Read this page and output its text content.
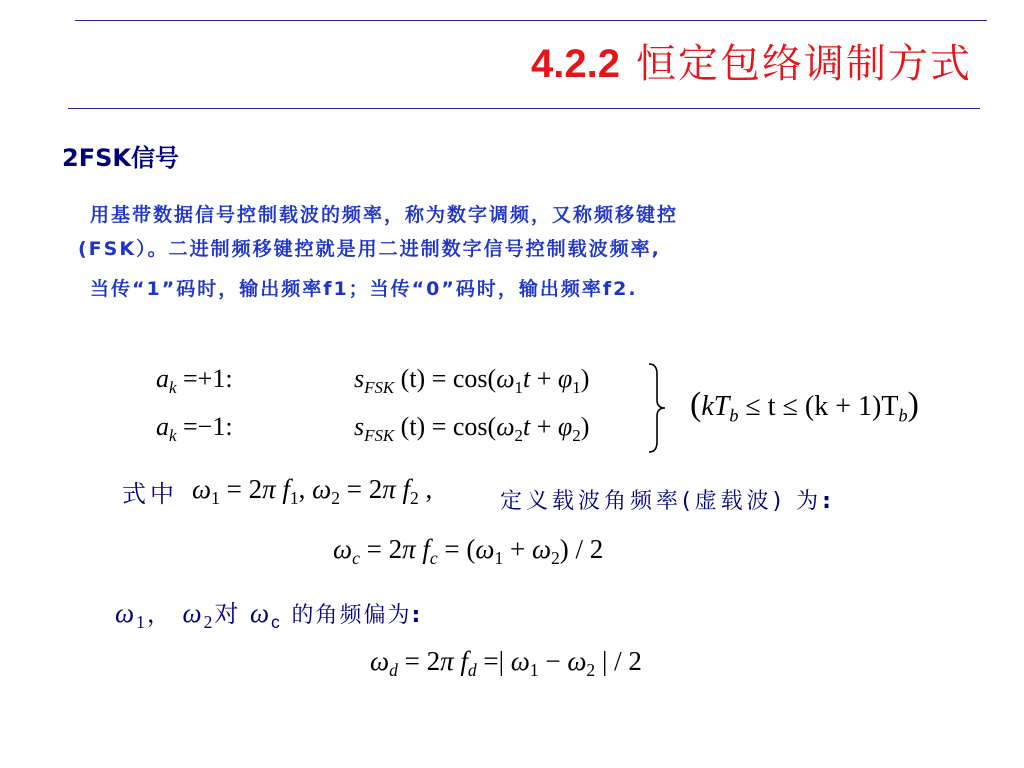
4.2.2 恒定包络调制方式
2FSK信号
用基带数据信号控制载波的频率，称为数字调频，又称频移键控
(FSK）。二进制频移键控就是用二进制数字信号控制载波频率,
当传“1”码时，输出频率f1；当传“0”码时，输出频率f2.
$a_k =+1$:	$s_{FSK}$ $(t) = \cos(\omega_1t + \varphi_1)$
$a_k =-1$:	$s_{FSK}$ $(t) = \cos(\omega_2t + \varphi_2)$
$(kT_b \le t \le (k + 1)T_b)$
式中 $\omega_1 = 2\pi$ $f_1$, $\omega_2 = 2\pi$ $f_2$ ,	定义载波角频率(虚载波) 为:
$\omega_c = 2\pi$ $f_c = (\omega_1 + \omega_2) / 2$
$\omega_1$， $\omega_2$对 $\omega_c$ 的角频偏为:
$\omega_d = 2\pi$ $f_d$ =| $\omega_1 - \omega_2$ | / 2
